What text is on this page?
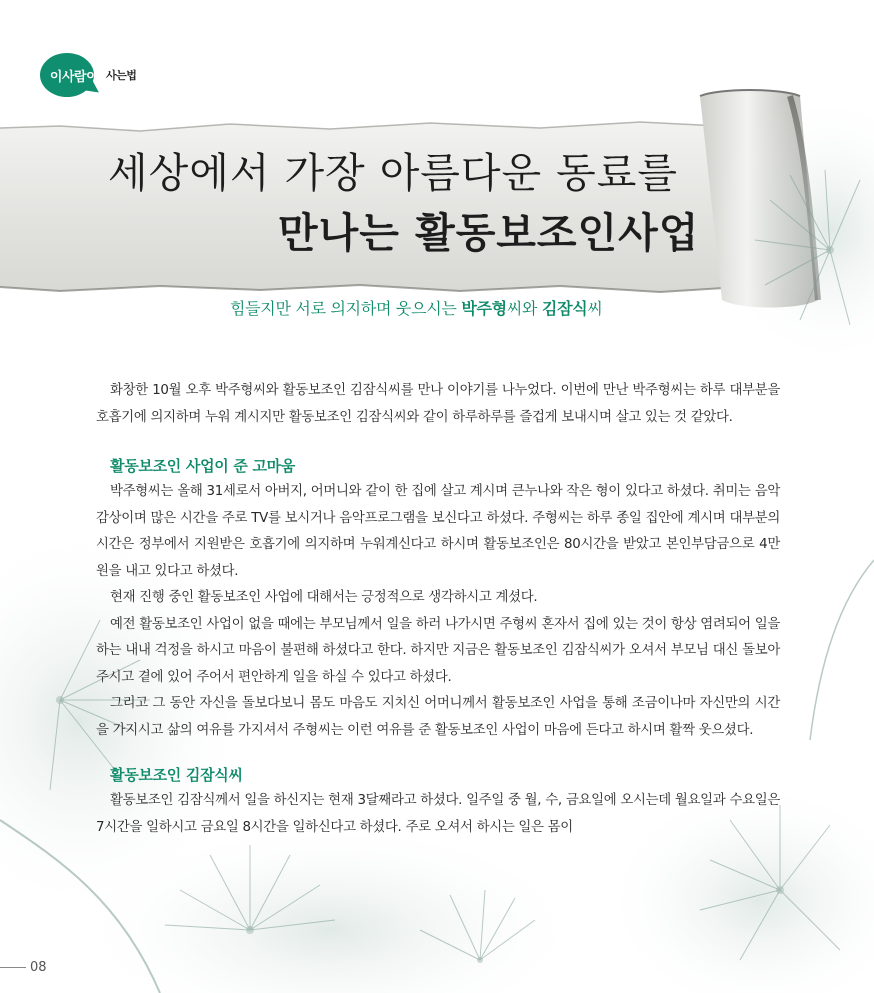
이사람이 사는법
세상에서 가장 아름다운 동료를
만나는 활동보조인사업
힘들지만 서로 의지하며 웃으시는 박주형씨와 김잠식씨

화창한 10월 오후 박주형씨와 활동보조인 김잠식씨를 만나 이야기를 나누었다. 이번에 만난 박주형씨는 하루 대부분을 호흡기에 의지하며 누워 계시지만 활동보조인 김잠식씨와 같이 하루하루를 즐겁게 보내시며 살고 있는 것 같았다.

활동보조인 사업이 준 고마움

박주형씨는 올해 31세로서 아버지, 어머니와 같이 한 집에 살고 계시며 큰누나와 작은 형이 있다고 하셨다. 취미는 음악 감상이며 많은 시간을 주로 TV를 보시거나 음악프로그램을 보신다고 하셨다. 주형씨는 하루 종일 집안에 계시며 대부분의 시간은 정부에서 지원받은 호흡기에 의지하며 누워계신다고 하시며 활동보조인은 80시간을 받았고 본인부담금으로 4만원을 내고 있다고 하셨다.

현재 진행 중인 활동보조인 사업에 대해서는 긍정적으로 생각하시고 계셨다.

예전 활동보조인 사업이 없을 때에는 부모님께서 일을 하러 나가시면 주형씨 혼자서 집에 있는 것이 항상 염려되어 일을 하는 내내 걱정을 하시고 마음이 불편해 하셨다고 한다. 하지만 지금은 활동보조인 김잠식씨가 오셔서 부모님 대신 돌보아주시고 곁에 있어 주어서 편안하게 일을 하실 수 있다고 하셨다.

그리고 그 동안 자신을 돌보다보니 몸도 마음도 지치신 어머니께서 활동보조인 사업을 통해 조금이나마 자신만의 시간을 가지시고 삶의 여유를 가지셔서 주형씨는 이런 여유를 준 활동보조인 사업이 마음에 든다고 하시며 활짝 웃으셨다.

활동보조인 김잠식씨

활동보조인 김잠식께서 일을 하신지는 현재 3달째라고 하셨다. 일주일 중 월, 수, 금요일에 오시는데 월요일과 수요일은 7시간을 일하시고 금요일 8시간을 일하신다고 하셨다. 주로 오셔서 하시는 일은 몸이

08
